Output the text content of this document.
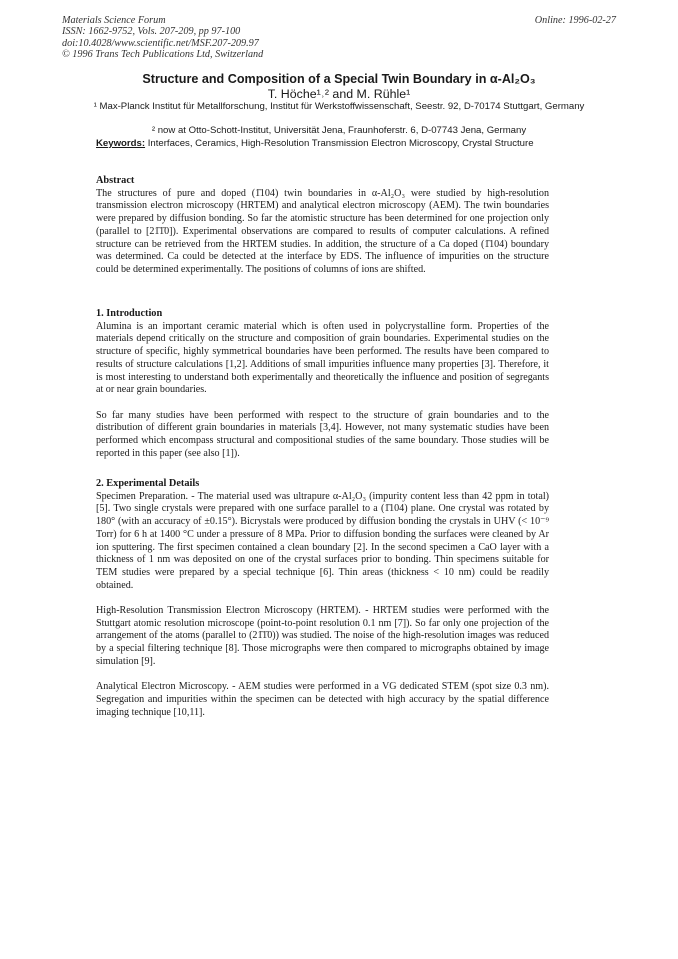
Materials Science Forum
ISSN: 1662-9752, Vols. 207-209, pp 97-100
doi:10.4028/www.scientific.net/MSF.207-209.97
© 1996 Trans Tech Publications Ltd, Switzerland
Online: 1996-02-27
Structure and Composition of a Special Twin Boundary in α-Al₂O₃
T. Höche¹˒² and M. Rühle¹
¹ Max-Planck Institut für Metallforschung, Institut für Werkstoffwissenschaft, Seestr. 92, D-70174 Stuttgart, Germany
² now at Otto-Schott-Institut, Universität Jena, Fraunhoferstr. 6, D-07743 Jena, Germany
Keywords: Interfaces, Ceramics, High-Resolution Transmission Electron Microscopy, Crystal Structure
Abstract

The structures of pure and doped (1̄104) twin boundaries in α-Al₂O₃ were studied by high-resolution transmission electron microscopy (HRTEM) and analytical electron microscopy (AEM). The twin boundaries were prepared by diffusion bonding. So far the atomistic structure has been determined for one projection only (parallel to [21̄1̄0]). Experimental observations are compared to results of computer calculations. A refined structure can be retrieved from the HRTEM studies. In addition, the structure of a Ca doped (1̄104) boundary was determined. Ca could be detected at the interface by EDS. The influence of impurities on the structure could be determined experimentally. The positions of columns of ions are shifted.

1. Introduction

Alumina is an important ceramic material which is often used in polycrystalline form. Properties of the materials depend critically on the structure and composition of grain boundaries. Experimental studies on the structure of specific, highly symmetrical boundaries have been performed. The results have been compared to results of structure calculations [1,2]. Additions of small impurities influence many properties [3]. Therefore, it is most interesting to understand both experimentally and theoretically the influence and position of segregants at or near grain boundaries.

So far many studies have been performed with respect to the structure of grain boundaries and to the distribution of different grain boundaries in materials [3,4]. However, not many systematic studies have been performed which encompass structural and compositional studies of the same boundary. Those studies will be reported in this paper (see also [1]).

2. Experimental Details

Specimen Preparation. - The material used was ultrapure α-Al₂O₃ (impurity content less than 42 ppm in total) [5]. Two single crystals were prepared with one surface parallel to a (1̄104) plane. One crystal was rotated by 180° (with an accuracy of ±0.15°). Bicrystals were produced by diffusion bonding the crystals in UHV (< 10⁻⁹ Torr) for 6 h at 1400 °C under a pressure of 8 MPa. Prior to diffusion bonding the surfaces were cleaned by Ar ion sputtering. The first specimen contained a clean boundary [2]. In the second specimen a CaO layer with a thickness of 1 nm was deposited on one of the crystal surfaces prior to bonding. Thin specimens suitable for TEM studies were prepared by a special technique [6]. Thin areas (thickness < 10 nm) could be readily obtained.

High-Resolution Transmission Electron Microscopy (HRTEM). - HRTEM studies were performed with the Stuttgart atomic resolution microscope (point-to-point resolution 0.1 nm [7]). So far only one projection of the arrangement of the atoms (parallel to (21̄1̄0)) was studied. The noise of the high-resolution images was reduced by a special filtering technique [8]. Those micrographs were then compared to micrographs obtained by image simulation [9].

Analytical Electron Microscopy. - AEM studies were performed in a VG dedicated STEM (spot size 0.3 nm). Segregation and impurities within the specimen can be detected with high accuracy by the spatial difference imaging technique [10,11].
